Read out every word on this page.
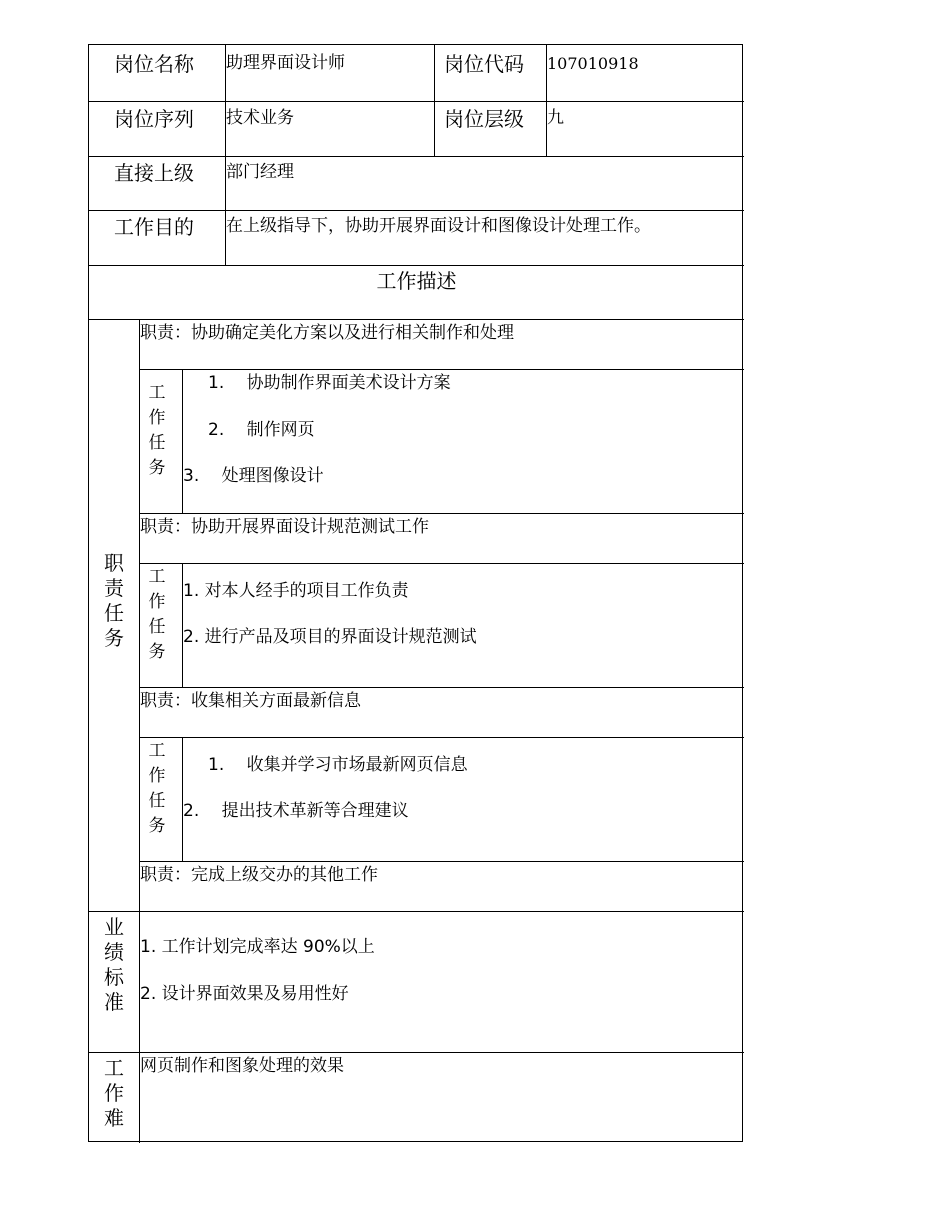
岗位名称 助理界面设计师	岗位代码 107010918
岗位序列 技术业务	岗位层级 九
直接上级 部门经理
工作目的 在上级指导下，协助开展界面设计和图像设计处理工作。
工作描述
职
责
任
务
职责：协助确定美化方案以及进行相关制作和处理
工
作
任
务
1.　 协助制作界面美术设计方案
2.　 制作网页
3.　 处理图像设计
职责：协助开展界面设计规范测试工作
工
作
任
务
1. 对本人经手的项目工作负责
2. 进行产品及项目的界面设计规范测试
职责：收集相关方面最新信息
工
作
任
务
1.　 收集并学习市场最新网页信息
2.　 提出技术革新等合理建议
职责：完成上级交办的其他工作
业
绩
标
准
1. 工作计划完成率达 90%以上
2. 设计界面效果及易用性好
工
作
难
网页制作和图象处理的效果
